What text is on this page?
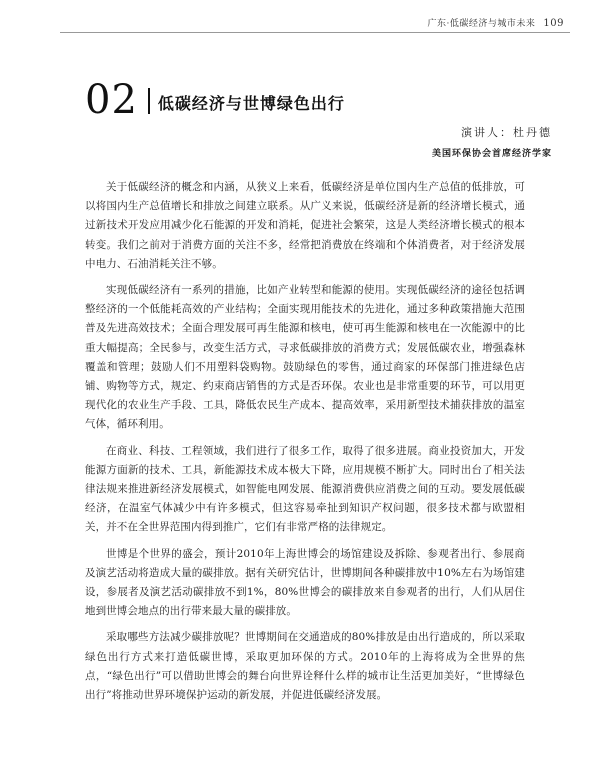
广东·低碳经济与城市未来 109
02 低碳经济与世博绿色出行
演讲人：杜丹德
美国环保协会首席经济学家

关于低碳经济的概念和内涵，从狭义上来看，低碳经济是单位国内生产总值的低排放，可以将国内生产总值增长和排放之间建立联系。从广义来说，低碳经济是新的经济增长模式，通过新技术开发应用减少化石能源的开发和消耗，促进社会繁荣，这是人类经济增长模式的根本转变。我们之前对于消费方面的关注不多，经常把消费放在终端和个体消费者，对于经济发展中电力、石油消耗关注不够。

实现低碳经济有一系列的措施，比如产业转型和能源的使用。实现低碳经济的途径包括调整经济的一个低能耗高效的产业结构；全面实现用能技术的先进化，通过多种政策措施大范围普及先进高效技术；全面合理发展可再生能源和核电，使可再生能源和核电在一次能源中的比重大幅提高；全民参与，改变生活方式，寻求低碳排放的消费方式；发展低碳农业，增强森林覆盖和管理；鼓励人们不用塑料袋购物。鼓励绿色的零售，通过商家的环保部门推进绿色店铺、购物等方式，规定、约束商店销售的方式是否环保。农业也是非常重要的环节，可以用更现代化的农业生产手段、工具，降低农民生产成本、提高效率，采用新型技术捕获排放的温室气体，循环利用。

在商业、科技、工程领域，我们进行了很多工作，取得了很多进展。商业投资加大，开发能源方面新的技术、工具，新能源技术成本极大下降，应用规模不断扩大。同时出台了相关法律法规来推进新经济发展模式，如智能电网发展、能源消费供应消费之间的互动。要发展低碳经济，在温室气体减少中有许多模式，但这容易牵扯到知识产权问题，很多技术都与欧盟相关，并不在全世界范围内得到推广，它们有非常严格的法律规定。

世博是个世界的盛会，预计2010年上海世博会的场馆建设及拆除、参观者出行、参展商及演艺活动将造成大量的碳排放。据有关研究估计，世博期间各种碳排放中10%左右为场馆建设，参展者及演艺活动碳排放不到1%，80%世博会的碳排放来自参观者的出行，人们从居住地到世博会地点的出行带来最大量的碳排放。

采取哪些方法减少碳排放呢？世博期间在交通造成的80%排放是由出行造成的，所以采取绿色出行方式来打造低碳世博，采取更加环保的方式。2010年的上海将成为全世界的焦点，“绿色出行”可以借助世博会的舞台向世界诠释什么样的城市让生活更加美好，“世博绿色出行”将推动世界环境保护运动的新发展，并促进低碳经济发展。
